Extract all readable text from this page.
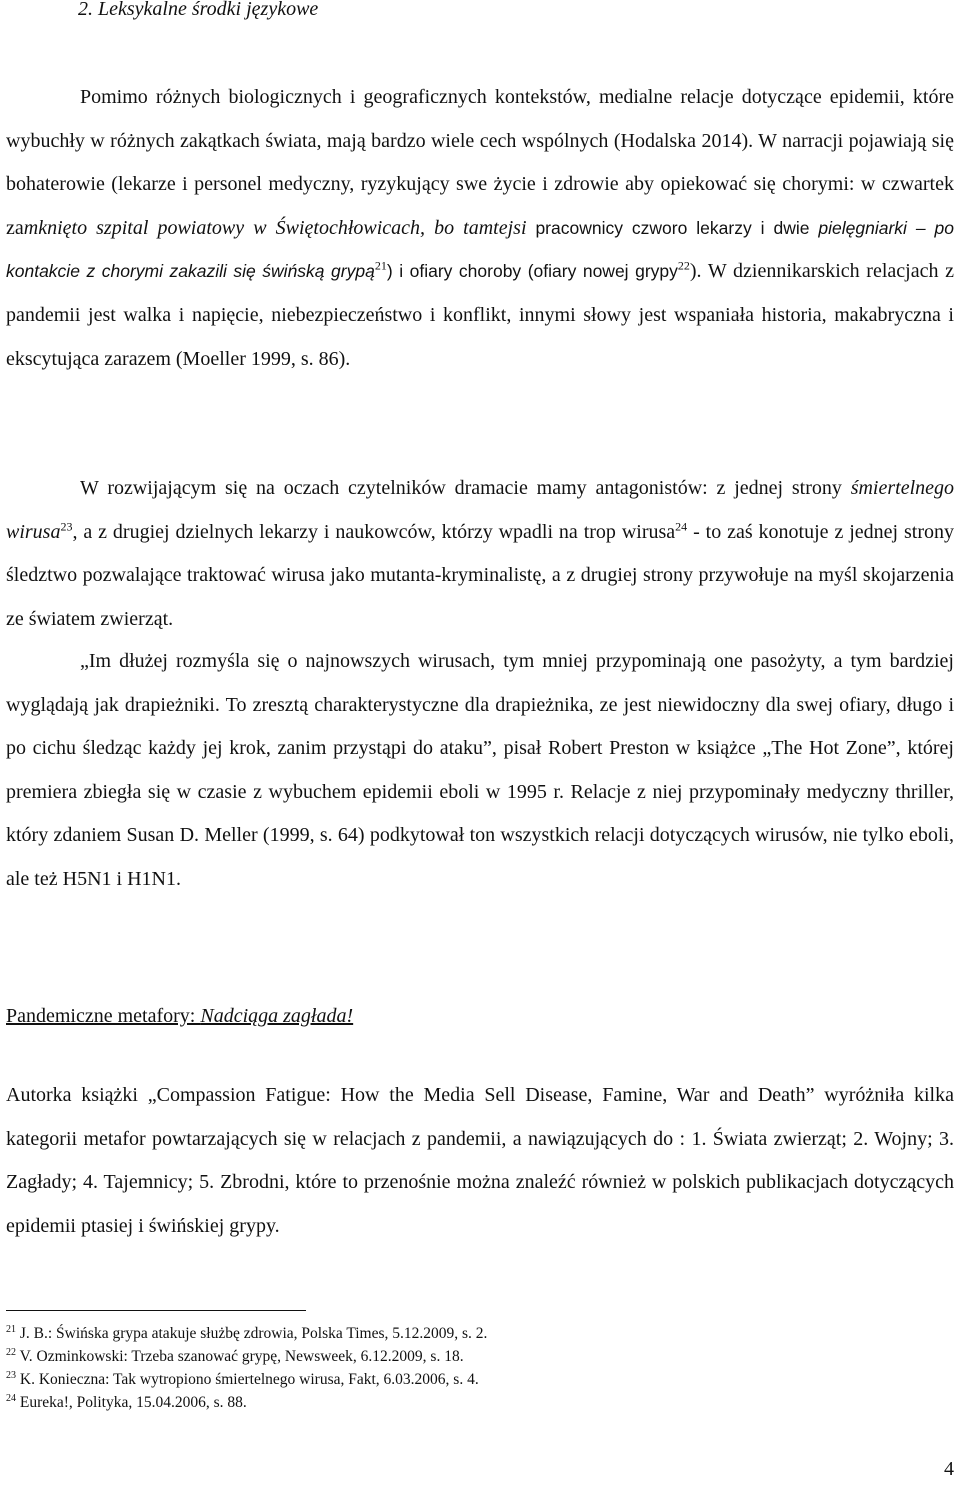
2. Leksykalne środki językowe

Pomimo różnych biologicznych i geograficznych kontekstów, medialne relacje dotyczące epidemii, które wybuchły w różnych zakątkach świata, mają bardzo wiele cech wspólnych (Hodalska 2014). W narracji pojawiają się bohaterowie (lekarze i personel medyczny, ryzykujący swe życie i zdrowie aby opiekować się chorymi: w czwartek zamknięto szpital powiatowy w Świętochłowicach, bo tamtejsi pracownicy czworo lekarzy i dwie pielęgniarki – po kontakcie z chorymi zakazili się świńską grypą$^{21}$) i ofiary choroby (ofiary nowej grypy$^{22}$). W dziennikarskich relacjach z pandemii jest walka i napięcie, niebezpieczeństwo i konflikt, innymi słowy jest wspaniała historia, makabryczna i ekscytująca zarazem (Moeller 1999, s. 86).

W rozwijającym się na oczach czytelników dramacie mamy antagonistów: z jednej strony śmiertelnego wirusa$^{23}$, a z drugiej dzielnych lekarzy i naukowców, którzy wpadli na trop wirusa$^{24}$ - to zaś konotuje z jednej strony śledztwo pozwalające traktować wirusa jako mutanta-kryminalistę, a z drugiej strony przywołuje na myśl skojarzenia ze światem zwierząt.

„Im dłużej rozmyśla się o najnowszych wirusach, tym mniej przypominają one pasożyty, a tym bardziej wyglądają jak drapieżniki. To zresztą charakterystyczne dla drapieżnika, ze jest niewidoczny dla swej ofiary, długo i po cichu śledząc każdy jej krok, zanim przystąpi do ataku”, pisał Robert Preston w książce „The Hot Zone”, której premiera zbiegła się w czasie z wybuchem epidemii eboli w 1995 r. Relacje z niej przypominały medyczny thriller, który zdaniem Susan D. Meller (1999, s. 64) podkytował ton wszystkich relacji dotyczących wirusów, nie tylko eboli, ale też H5N1 i H1N1.

Pandemiczne metafory: Nadciąga zagłada!

Autorka książki „Compassion Fatigue: How the Media Sell Disease, Famine, War and Death” wyróżniła kilka kategorii metafor powtarzających się w relacjach z pandemii, a nawiązujących do : 1. Świata zwierząt; 2. Wojny; 3. Zagłady; 4. Tajemnicy; 5. Zbrodni, które to przenośnie można znaleźć również w polskich publikacjach dotyczących epidemii ptasiej i świńskiej grypy.

$^{21}$ J. B.: Świńska grypa atakuje służbę zdrowia, Polska Times, 5.12.2009, s. 2.
$^{22}$ V. Ozminkowski: Trzeba szanować grypę, Newsweek, 6.12.2009, s. 18.
$^{23}$ K. Konieczna: Tak wytropiono śmiertelnego wirusa, Fakt, 6.03.2006, s. 4.
$^{24}$ Eureka!, Polityka, 15.04.2006, s. 88.
4
